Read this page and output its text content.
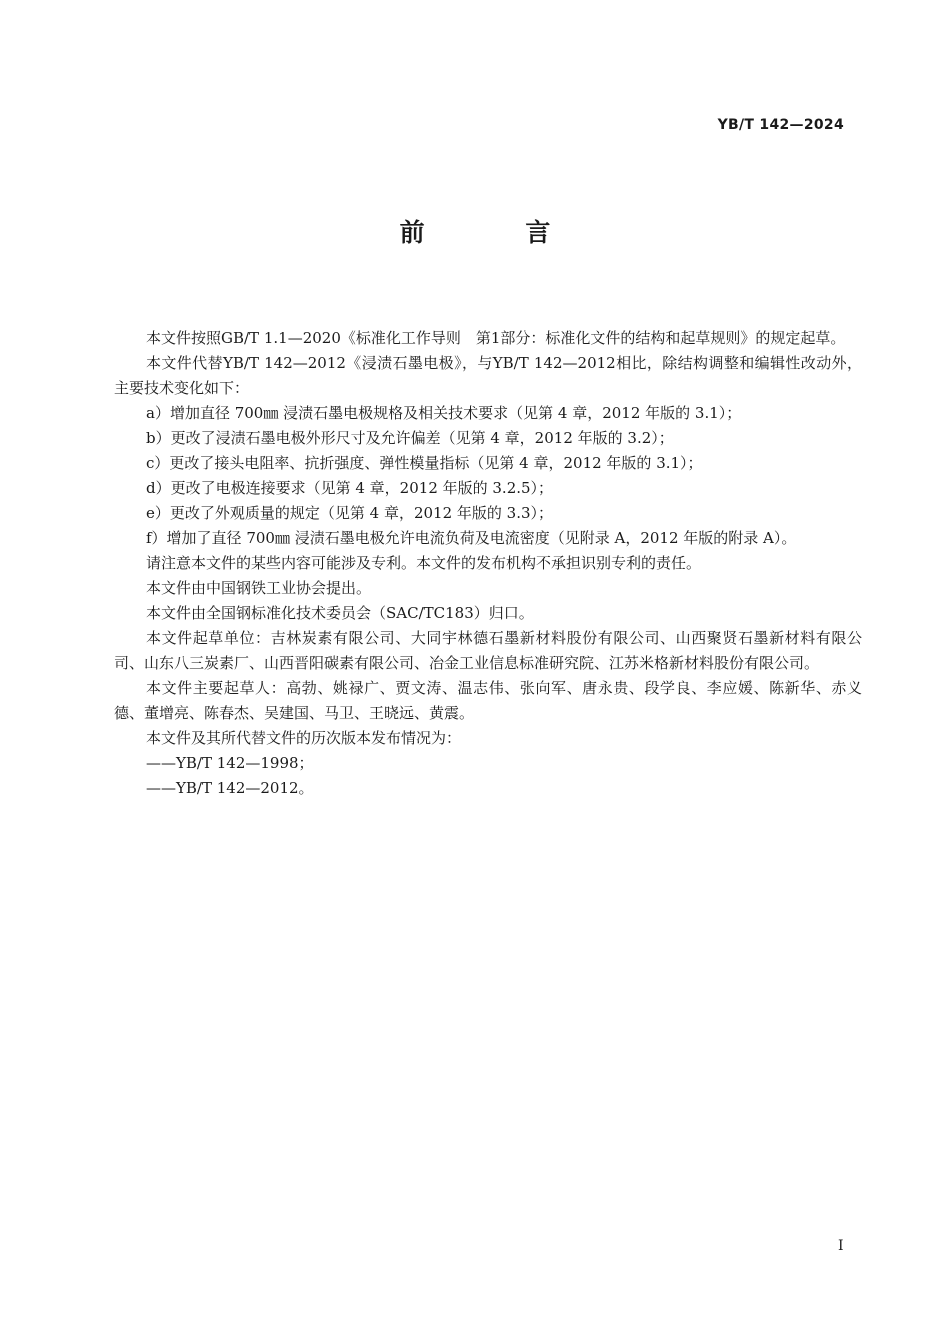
YB/T 142—2024
前 言

本文件按照GB/T 1.1—2020《标准化工作导则　第1部分：标准化文件的结构和起草规则》的规定起草。

本文件代替YB/T 142—2012《浸渍石墨电极》，与YB/T 142—2012相比，除结构调整和编辑性改动外，主要技术变化如下：

a）增加直径 700㎜ 浸渍石墨电极规格及相关技术要求（见第 4 章，2012 年版的 3.1）；

b）更改了浸渍石墨电极外形尺寸及允许偏差（见第 4 章，2012 年版的 3.2）；

c）更改了接头电阻率、抗折强度、弹性模量指标（见第 4 章，2012 年版的 3.1）；

d）更改了电极连接要求（见第 4 章，2012 年版的 3.2.5）；

e）更改了外观质量的规定（见第 4 章，2012 年版的 3.3）；

f）增加了直径 700㎜ 浸渍石墨电极允许电流负荷及电流密度（见附录 A，2012 年版的附录 A）。

请注意本文件的某些内容可能涉及专利。本文件的发布机构不承担识别专利的责任。

本文件由中国钢铁工业协会提出。

本文件由全国钢标准化技术委员会（SAC/TC183）归口。

本文件起草单位：吉林炭素有限公司、大同宇林德石墨新材料股份有限公司、山西聚贤石墨新材料有限公司、山东八三炭素厂、山西晋阳碳素有限公司、冶金工业信息标准研究院、江苏米格新材料股份有限公司。

本文件主要起草人：高勃、姚禄广、贾文涛、温志伟、张向军、唐永贵、段学良、李应媛、陈新华、赤义德、董增亮、陈春杰、吴建国、马卫、王晓远、黄震。

本文件及其所代替文件的历次版本发布情况为：

——YB/T 142—1998；

——YB/T 142—2012。

I
